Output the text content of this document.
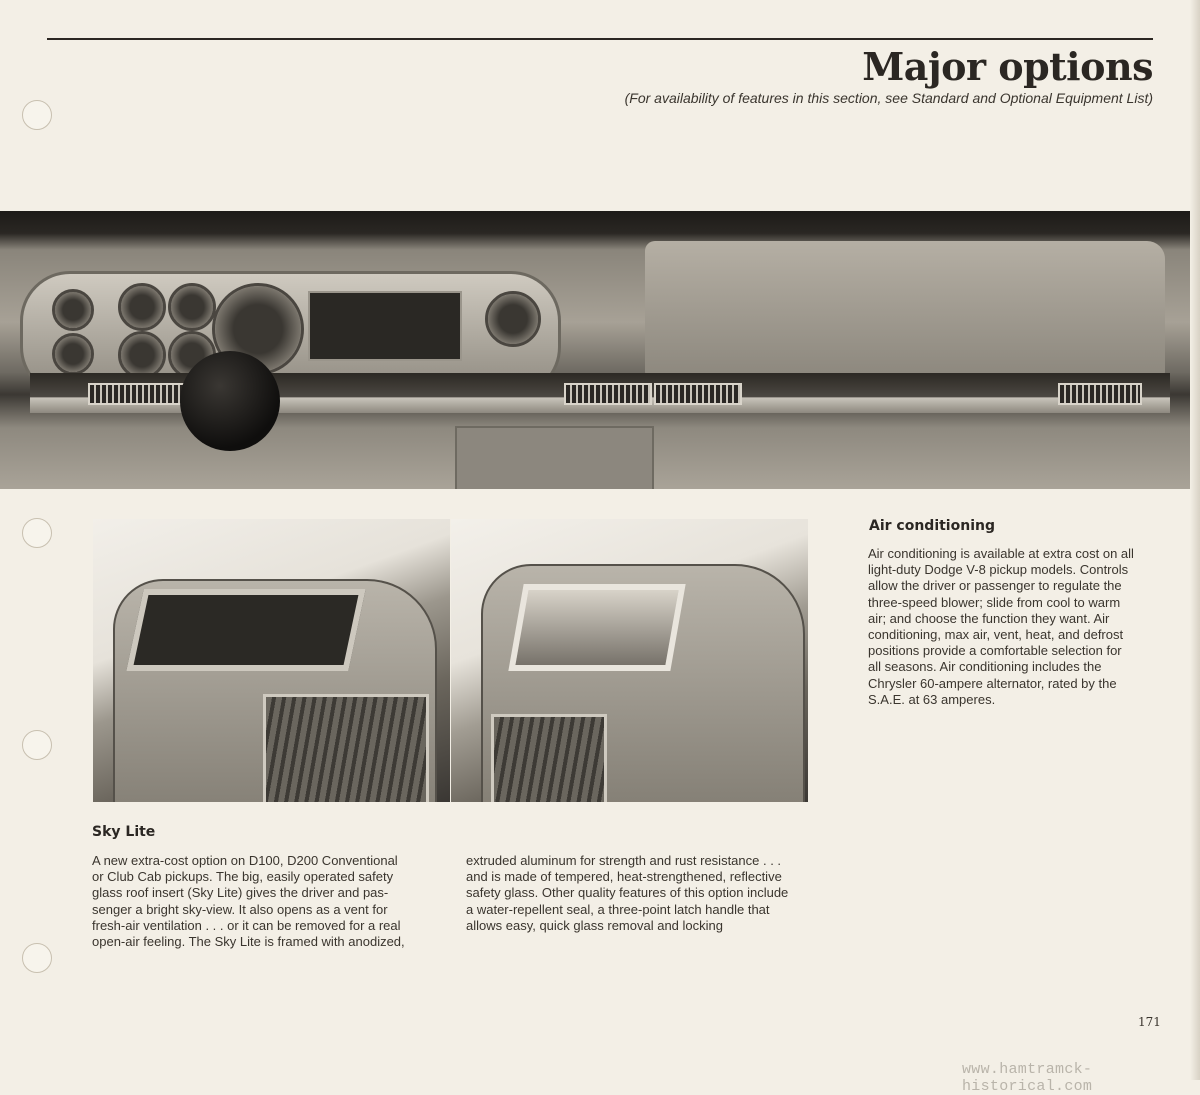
Major options

(For availability of features in this section, see Standard and Optional Equipment List)

Air conditioning

Air conditioning is available at extra cost on all
light-duty Dodge V-8 pickup models. Controls
allow the driver or passenger to regulate the
three-speed blower; slide from cool to warm
air; and choose the function they want. Air
conditioning, max air, vent, heat, and defrost
positions provide a comfortable selection for
all seasons. Air conditioning includes the
Chrysler 60-ampere alternator, rated by the
S.A.E. at 63 amperes.

Sky Lite

A new extra-cost option on D100, D200 Conventional
or Club Cab pickups. The big, easily operated safety
glass roof insert (Sky Lite) gives the driver and pas-
senger a bright sky-view. It also opens as a vent for
fresh-air ventilation . . . or it can be removed for a real
open-air feeling. The Sky Lite is framed with anodized,

extruded aluminum for strength and rust resistance . . .
and is made of tempered, heat-strengthened, reflective
safety glass. Other quality features of this option include
a water-repellent seal, a three-point latch handle that
allows easy, quick glass removal and locking

171
www.hamtramck-historical.com
